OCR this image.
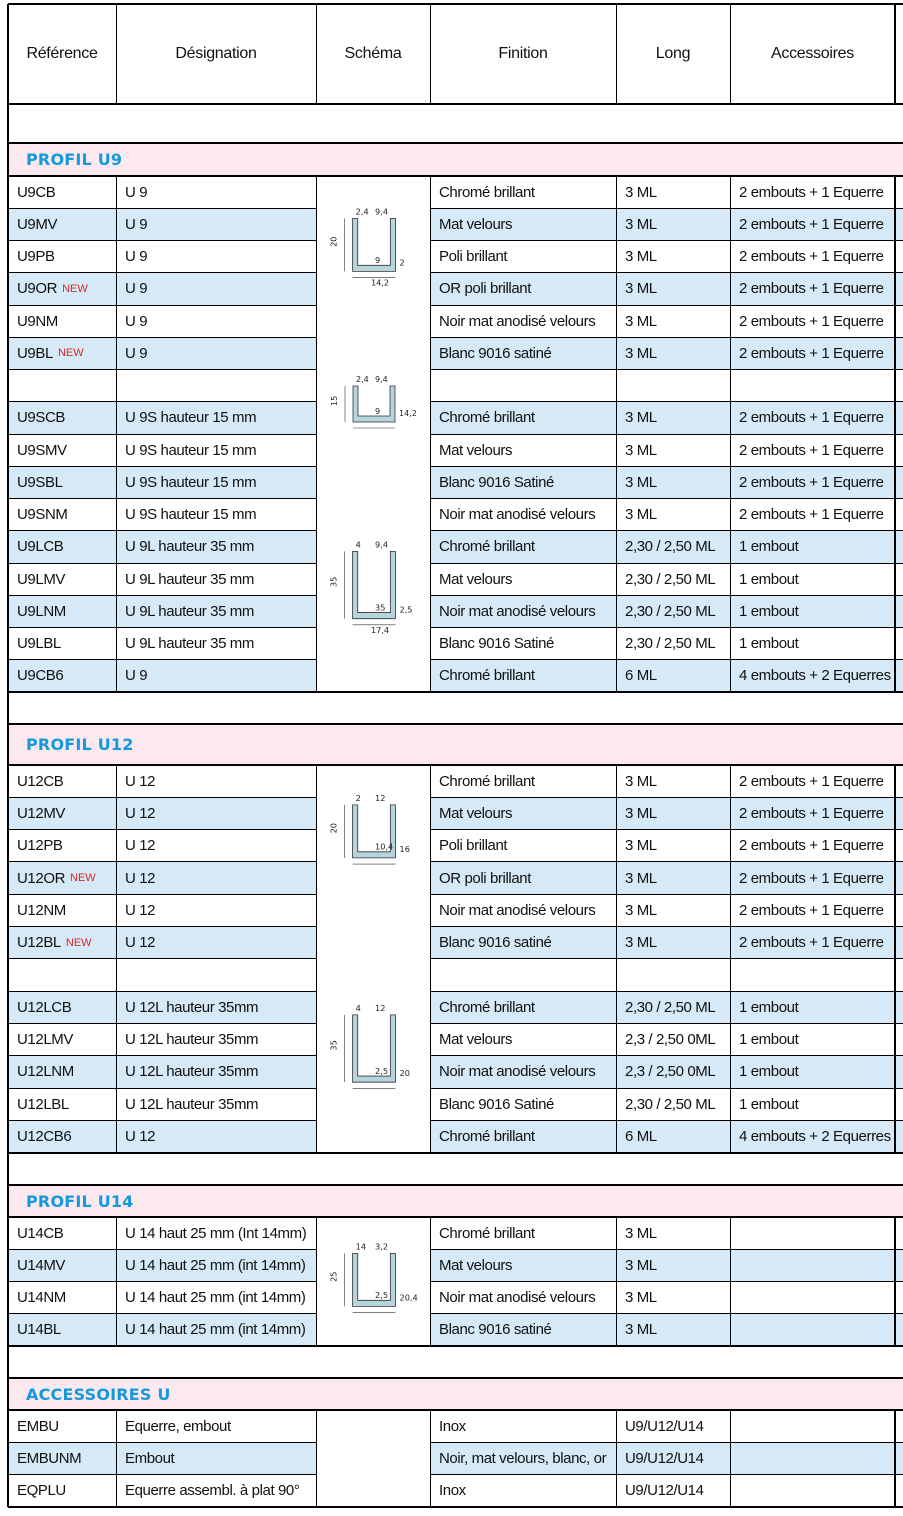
Référence	Désignation	Schéma	Finition	Long	Accessoires
PROFIL U9
U9CB	U 9	Chromé brillant	3 ML	2 embouts + 1 Equerre
U9MV	U 9	Mat velours	3 ML	2 embouts + 1 Equerre
U9PB	U 9	Poli brillant	3 ML	2 embouts + 1 Equerre
U9OR NEW	U 9	OR poli brillant	3 ML	2 embouts + 1 Equerre
U9NM	U 9	Noir mat anodisé velours	3 ML	2 embouts + 1 Equerre
U9BL NEW	U 9	Blanc 9016 satiné	3 ML	2 embouts + 1 Equerre
U9SCB	U 9S hauteur 15 mm	Chromé brillant	3 ML	2 embouts + 1 Equerre
U9SMV	U 9S hauteur 15 mm	Mat velours	3 ML	2 embouts + 1 Equerre
U9SBL	U 9S hauteur 15 mm	Blanc 9016 Satiné	3 ML	2 embouts + 1 Equerre
U9SNM	U 9S hauteur 15 mm	Noir mat anodisé velours	3 ML	2 embouts + 1 Equerre
U9LCB	U 9L hauteur 35 mm	Chromé brillant	2,30 / 2,50 ML	1 embout
U9LMV	U 9L hauteur 35 mm	Mat velours	2,30 / 2,50 ML	1 embout
U9LNM	U 9L hauteur 35 mm	Noir mat anodisé velours	2,30 / 2,50 ML	1 embout
U9LBL	U 9L hauteur 35 mm	Blanc 9016 Satiné	2,30 / 2,50 ML	1 embout
U9CB6	U 9	Chromé brillant	6 ML	4 embouts + 2 Equerres
PROFIL U12
U12CB	U 12	Chromé brillant	3 ML	2 embouts + 1 Equerre
U12MV	U 12	Mat velours	3 ML	2 embouts + 1 Equerre
U12PB	U 12	Poli brillant	3 ML	2 embouts + 1 Equerre
U12OR NEW	U 12	OR poli brillant	3 ML	2 embouts + 1 Equerre
U12NM	U 12	Noir mat anodisé velours	3 ML	2 embouts + 1 Equerre
U12BL NEW	U 12	Blanc 9016 satiné	3 ML	2 embouts + 1 Equerre
U12LCB	U 12L hauteur 35mm	Chromé brillant	2,30 / 2,50 ML	1 embout
U12LMV	U 12L hauteur 35mm	Mat velours	2,3 / 2,50 0ML	1 embout
U12LNM	U 12L hauteur 35mm	Noir mat anodisé velours	2,3 / 2,50 0ML	1 embout
U12LBL	U 12L hauteur 35mm	Blanc 9016 Satiné	2,30 / 2,50 ML	1 embout
U12CB6	U 12	Chromé brillant	6 ML	4 embouts + 2 Equerres
PROFIL U14
U14CB	U 14 haut 25 mm (Int 14mm)	Chromé brillant	3 ML
U14MV	U 14 haut 25 mm (int 14mm)	Mat velours	3 ML
U14NM	U 14 haut 25 mm (int 14mm)	Noir mat anodisé velours	3 ML
U14BL	U 14 haut 25 mm (int 14mm)	Blanc 9016 satiné	3 ML
ACCESSOIRES U
EMBU	Equerre, embout	Inox	U9/U12/U14
EMBUNM	Embout	Noir, mat velours, blanc, or	U9/U12/U14
EQPLU	Equerre assembl. à plat 90°	Inox	U9/U12/U14
2,4 9,4
20
9 2
14,2
2,4 9,4
15
9 14,2
4 9,4
35
35 2,5
17,4
2 12
20
10,4 16
4 12
35
2,5 20
14 3,2
25
2,5 20,4
